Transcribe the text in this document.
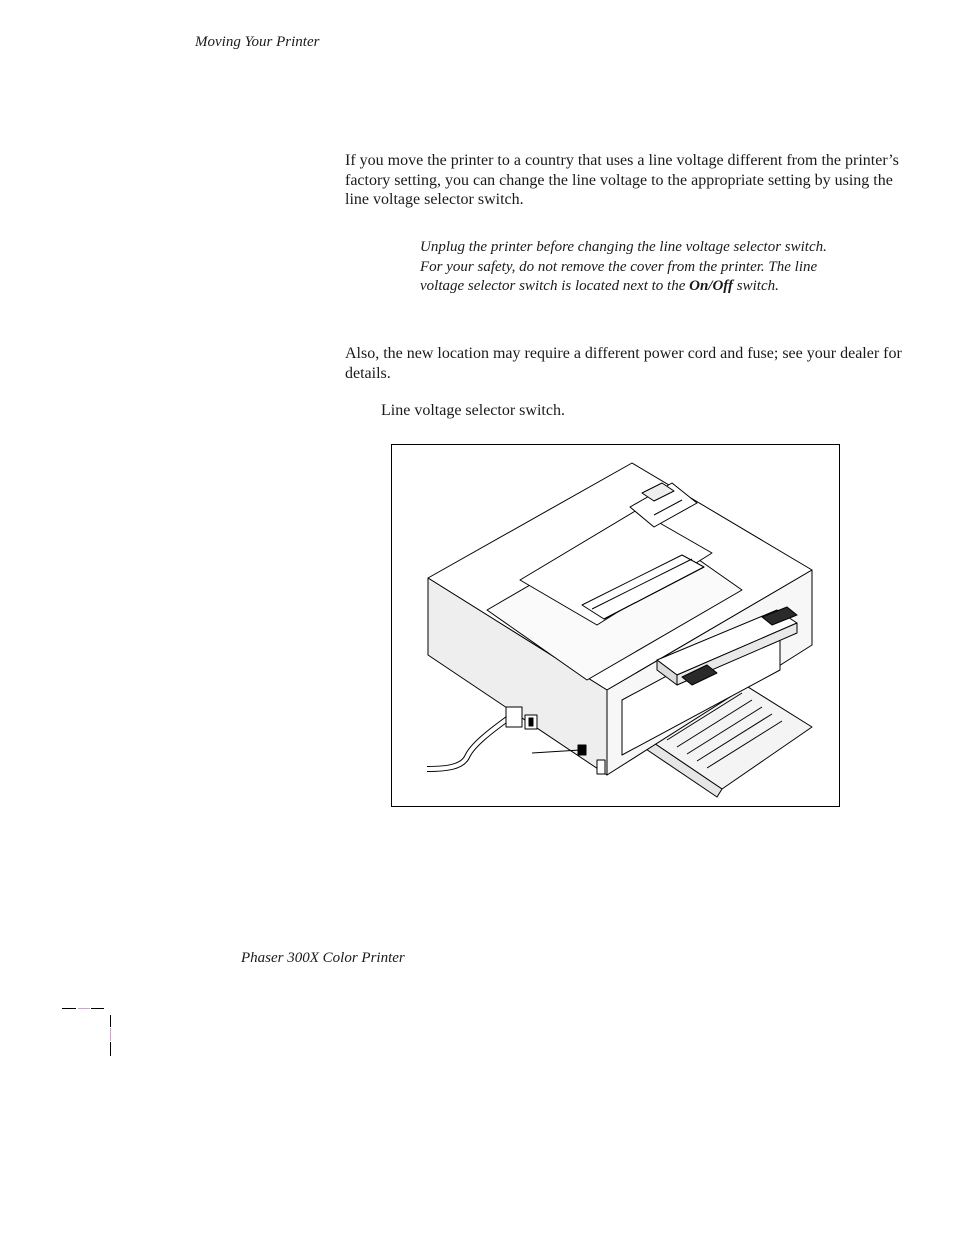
Moving Your Printer
If you move the printer to a country that uses a line voltage different from the printer’s factory setting, you can change the line voltage to the appropriate setting by using the line voltage selector switch.
Unplug the printer before changing the line voltage selector switch. For your safety, do not remove the cover from the printer. The line voltage selector switch is located next to the On/Off switch.
Also, the new location may require a different power cord and fuse; see your dealer for details.
Line voltage selector switch.
Phaser 300X Color Printer
